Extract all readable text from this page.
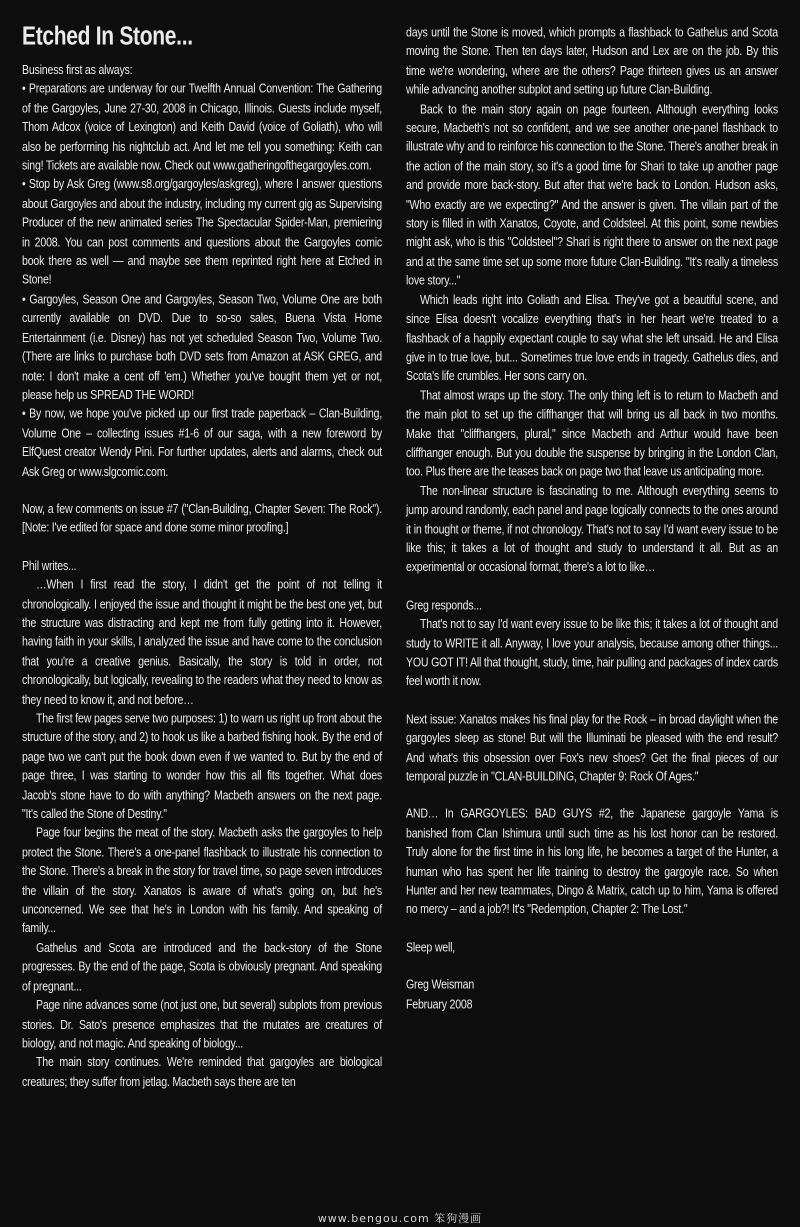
Etched In Stone...

Business first as always:

• Preparations are underway for our Twelfth Annual Convention: The Gathering of the Gargoyles, June 27-30, 2008 in Chicago, Illinois. Guests include myself, Thom Adcox (voice of Lexington) and Keith David (voice of Goliath), who will also be performing his nightclub act. And let me tell you something: Keith can sing! Tickets are available now. Check out www.gatheringofthegargoyles.com.

• Stop by Ask Greg (www.s8.org/gargoyles/askgreg), where I answer questions about Gargoyles and about the industry, including my current gig as Supervising Producer of the new animated series The Spectacular Spider-Man, premiering in 2008. You can post comments and questions about the Gargoyles comic book there as well — and maybe see them reprinted right here at Etched in Stone!

• Gargoyles, Season One and Gargoyles, Season Two, Volume One are both currently available on DVD. Due to so-so sales, Buena Vista Home Entertainment (i.e. Disney) has not yet scheduled Season Two, Volume Two. (There are links to purchase both DVD sets from Amazon at ASK GREG, and note: I don't make a cent off 'em.) Whether you've bought them yet or not, please help us SPREAD THE WORD!

• By now, we hope you've picked up our first trade paperback – Clan-Building, Volume One – collecting issues #1-6 of our saga, with a new foreword by ElfQuest creator Wendy Pini. For further updates, alerts and alarms, check out Ask Greg or www.slgcomic.com.

Now, a few comments on issue #7 ("Clan-Building, Chapter Seven: The Rock"). [Note: I've edited for space and done some minor proofing.]

Phil writes...

…When I first read the story, I didn't get the point of not telling it chronologically. I enjoyed the issue and thought it might be the best one yet, but the structure was distracting and kept me from fully getting into it. However, having faith in your skills, I analyzed the issue and have come to the conclusion that you're a creative genius. Basically, the story is told in order, not chronologically, but logically, revealing to the readers what they need to know as they need to know it, and not before…

The first few pages serve two purposes: 1) to warn us right up front about the structure of the story, and 2) to hook us like a barbed fishing hook. By the end of page two we can't put the book down even if we wanted to. But by the end of page three, I was starting to wonder how this all fits together. What does Jacob's stone have to do with anything? Macbeth answers on the next page. "It's called the Stone of Destiny."

Page four begins the meat of the story. Macbeth asks the gargoyles to help protect the Stone. There's a one-panel flashback to illustrate his connection to the Stone. There's a break in the story for travel time, so page seven introduces the villain of the story. Xanatos is aware of what's going on, but he's unconcerned. We see that he's in London with his family. And speaking of family...

Gathelus and Scota are introduced and the back-story of the Stone progresses. By the end of the page, Scota is obviously pregnant. And speaking of pregnant...

Page nine advances some (not just one, but several) subplots from previous stories. Dr. Sato's presence emphasizes that the mutates are creatures of biology, and not magic. And speaking of biology...

The main story continues. We're reminded that gargoyles are biological creatures; they suffer from jetlag. Macbeth says there are ten

days until the Stone is moved, which prompts a flashback to Gathelus and Scota moving the Stone. Then ten days later, Hudson and Lex are on the job. By this time we're wondering, where are the others? Page thirteen gives us an answer while advancing another subplot and setting up future Clan-Building.

Back to the main story again on page fourteen. Although everything looks secure, Macbeth's not so confident, and we see another one-panel flashback to illustrate why and to reinforce his connection to the Stone. There's another break in the action of the main story, so it's a good time for Shari to take up another page and provide more back-story. But after that we're back to London. Hudson asks, "Who exactly are we expecting?" And the answer is given. The villain part of the story is filled in with Xanatos, Coyote, and Coldsteel. At this point, some newbies might ask, who is this "Coldsteel"? Shari is right there to answer on the next page and at the same time set up some more future Clan-Building. "It's really a timeless love story..."

Which leads right into Goliath and Elisa. They've got a beautiful scene, and since Elisa doesn't vocalize everything that's in her heart we're treated to a flashback of a happily expectant couple to say what she left unsaid. He and Elisa give in to true love, but... Sometimes true love ends in tragedy. Gathelus dies, and Scota's life crumbles. Her sons carry on.

That almost wraps up the story. The only thing left is to return to Macbeth and the main plot to set up the cliffhanger that will bring us all back in two months. Make that "cliffhangers, plural," since Macbeth and Arthur would have been cliffhanger enough. But you double the suspense by bringing in the London Clan, too. Plus there are the teases back on page two that leave us anticipating more.

The non-linear structure is fascinating to me. Although everything seems to jump around randomly, each panel and page logically connects to the ones around it in thought or theme, if not chronology. That's not to say I'd want every issue to be like this; it takes a lot of thought and study to understand it all. But as an experimental or occasional format, there's a lot to like…

Greg responds...

That's not to say I'd want every issue to be like this; it takes a lot of thought and study to WRITE it all. Anyway, I love your analysis, because among other things... YOU GOT IT! All that thought, study, time, hair pulling and packages of index cards feel worth it now.

Next issue: Xanatos makes his final play for the Rock – in broad daylight when the gargoyles sleep as stone! But will the Illuminati be pleased with the end result? And what's this obsession over Fox's new shoes? Get the final pieces of our temporal puzzle in "CLAN-BUILDING, Chapter 9: Rock Of Ages."

AND… In GARGOYLES: BAD GUYS #2, the Japanese gargoyle Yama is banished from Clan Ishimura until such time as his lost honor can be restored. Truly alone for the first time in his long life, he becomes a target of the Hunter, a human who has spent her life training to destroy the gargoyle race. So when Hunter and her new teammates, Dingo & Matrix, catch up to him, Yama is offered no mercy – and a job?! It's "Redemption, Chapter 2: The Lost."

Sleep well,

Greg Weisman

February 2008

www.bengou.com 笨狗漫画
